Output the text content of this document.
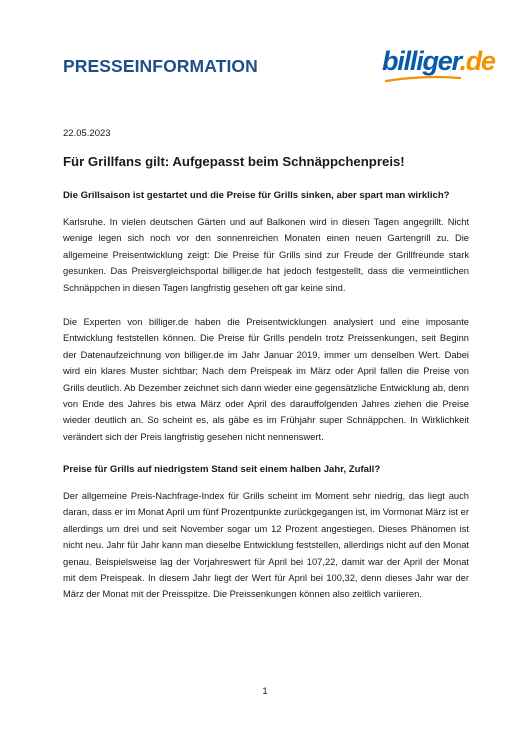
PRESSEINFORMATION	billiger.de
22.05.2023
Für Grillfans gilt: Aufgepasst beim Schnäppchenpreis!
Die Grillsaison ist gestartet und die Preise für Grills sinken, aber spart man wirklich?
Karlsruhe. In vielen deutschen Gärten und auf Balkonen wird in diesen Tagen angegrillt. Nicht wenige legen sich noch vor den sonnenreichen Monaten einen neuen Gartengrill zu. Die allgemeine Preisentwicklung zeigt: Die Preise für Grills sind zur Freude der Grillfreunde stark gesunken. Das Preisvergleichsportal billiger.de hat jedoch festgestellt, dass die vermeintlichen Schnäppchen in diesen Tagen langfristig gesehen oft gar keine sind.
Die Experten von billiger.de haben die Preisentwicklungen analysiert und eine imposante Entwicklung feststellen können. Die Preise für Grills pendeln trotz Preissenkungen, seit Beginn der Datenaufzeichnung von billiger.de im Jahr Januar 2019, immer um denselben Wert. Dabei wird ein klares Muster sichtbar; Nach dem Preispeak im März oder April fallen die Preise von Grills deutlich. Ab Dezember zeichnet sich dann wieder eine gegensätzliche Entwicklung ab, denn von Ende des Jahres bis etwa März oder April des darauffolgenden Jahres ziehen die Preise wieder deutlich an. So scheint es, als gäbe es im Frühjahr super Schnäppchen. In Wirklichkeit verändert sich der Preis langfristig gesehen nicht nennenswert.
Preise für Grills auf niedrigstem Stand seit einem halben Jahr, Zufall?
Der allgemeine Preis-Nachfrage-Index für Grills scheint im Moment sehr niedrig, das liegt auch daran, dass er im Monat April um fünf Prozentpunkte zurückgegangen ist, im Vormonat März ist er allerdings um drei und seit November sogar um 12 Prozent angestiegen. Dieses Phänomen ist nicht neu. Jahr für Jahr kann man dieselbe Entwicklung feststellen, allerdings nicht auf den Monat genau. Beispielsweise lag der Vorjahreswert für April bei 107,22, damit war der April der Monat mit dem Preispeak. In diesem Jahr liegt der Wert für April bei 100,32, denn dieses Jahr war der März der Monat mit der Preisspitze. Die Preissenkungen können also zeitlich variieren.
1
